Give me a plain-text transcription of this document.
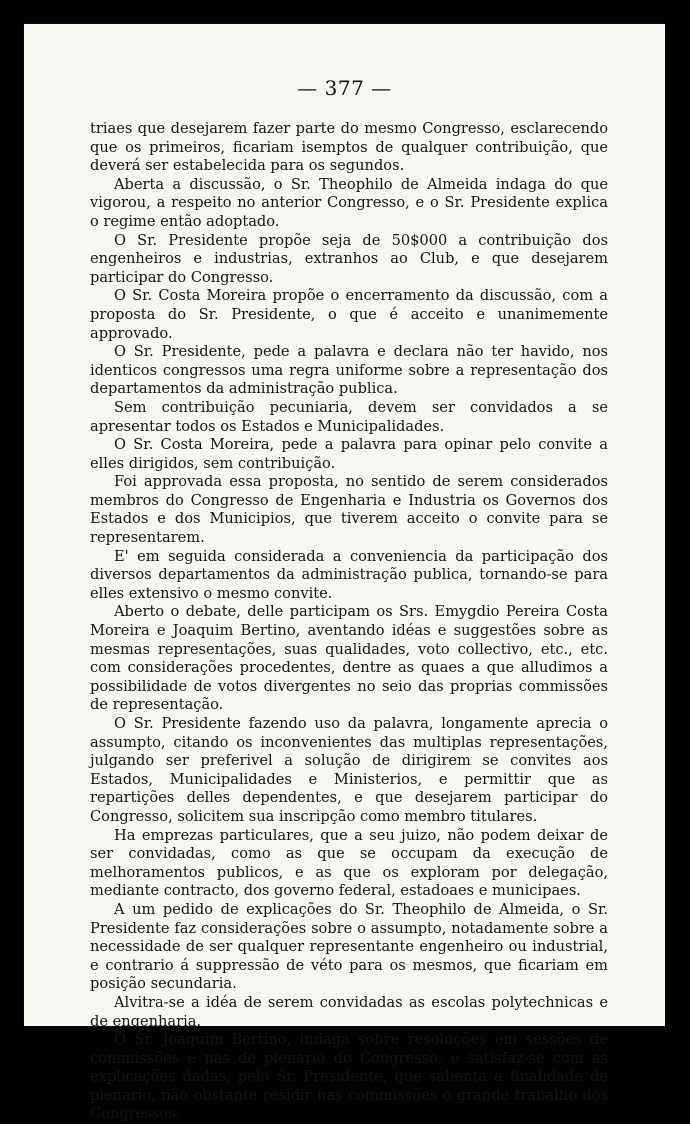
— 377 —

triaes que desejarem fazer parte do mesmo Congresso, esclarecendo que os primeiros, ficariam isemptos de qualquer contribuição, que deverá ser estabelecida para os segundos.

Aberta a discussão, o Sr. Theophilo de Almeida indaga do que vigorou, a respeito no anterior Congresso, e o Sr. Presidente explica o regime então adoptado.

O Sr. Presidente propõe seja de 50$000 a contribuição dos engenheiros e industrias, extranhos ao Club, e que desejarem participar do Congresso.

O Sr. Costa Moreira propõe o encerramento da discussão, com a proposta do Sr. Presidente, o que é acceito e unanimemente approvado.

O Sr. Presidente, pede a palavra e declara não ter havido, nos identicos congressos uma regra uniforme sobre a representação dos departamentos da administração publica.

Sem contribuição pecuniaria, devem ser convidados a se apresentar todos os Estados e Municipalidades.

O Sr. Costa Moreira, pede a palavra para opinar pelo convite a elles dirigidos, sem contribuição.

Foi approvada essa proposta, no sentido de serem considerados membros do Congresso de Engenharia e Industria os Governos dos Estados e dos Municipios, que tiverem acceito o convite para se representarem.

E' em seguida considerada a conveniencia da participação dos diversos departamentos da administração publica, tornando-se para elles extensivo o mesmo convite.

Aberto o debate, delle participam os Srs. Emygdio Pereira Costa Moreira e Joaquim Bertino, aventando idéas e suggestões sobre as mesmas representações, suas qualidades, voto collectivo, etc., etc. com considerações procedentes, dentre as quaes a que alludimos a possibilidade de votos divergentes no seio das proprias commissões de representação.

O Sr. Presidente fazendo uso da palavra, longamente aprecia o assumpto, citando os inconvenientes das multiplas representações, julgando ser preferivel a solução de dirigirem se convites aos Estados, Municipalidades e Ministerios, e permittir que as repartições delles dependentes, e que desejarem participar do Congresso, solicitem sua inscripção como membro titulares.

Ha emprezas particulares, que a seu juizo, não podem deixar de ser convidadas, como as que se occupam da execução de melhoramentos publicos, e as que os exploram por delegação, mediante contracto, dos governo federal, estadoaes e municipaes.

A um pedido de explicações do Sr. Theophilo de Almeida, o Sr. Presidente faz considerações sobre o assumpto, notadamente sobre a necessidade de ser qualquer representante engenheiro ou industrial, e contrario á suppressão de véto para os mesmos, que ficariam em posição secundaria.

Alvitra-se a idéa de serem convidadas as escolas polytechnicas e de engenharia.

O Sr. Joaquim Bertino, indaga sobre resoluções em sessões de commissões e nas de plenario do Congresso, e satisfaz-se com as explicações dadas, pelo Sr. Presidente, que salienta a finalidade de plenario, não obstante residir nas commissões o grande trabalho dos Congressos.
